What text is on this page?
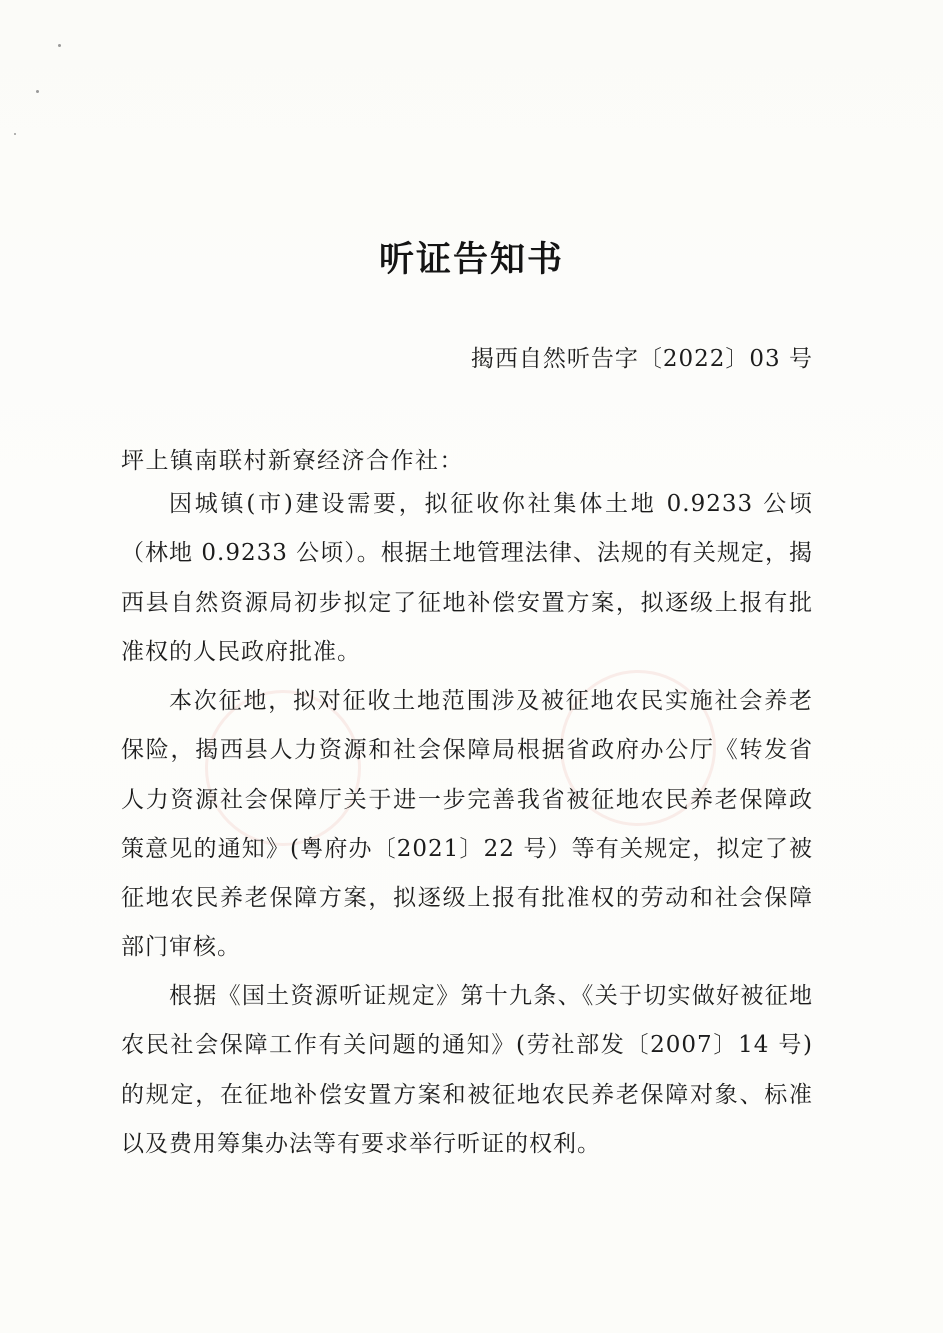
听证告知书
揭西自然听告字〔2022〕03 号
坪上镇南联村新寮经济合作社：

因城镇(市)建设需要，拟征收你社集体土地 0.9233 公顷（林地 0.9233 公顷）。根据土地管理法律、法规的有关规定，揭西县自然资源局初步拟定了征地补偿安置方案，拟逐级上报有批准权的人民政府批准。

本次征地，拟对征收土地范围涉及被征地农民实施社会养老保险，揭西县人力资源和社会保障局根据省政府办公厅《转发省人力资源社会保障厅关于进一步完善我省被征地农民养老保障政策意见的通知》(粤府办〔2021〕22 号）等有关规定，拟定了被征地农民养老保障方案，拟逐级上报有批准权的劳动和社会保障部门审核。

根据《国土资源听证规定》第十九条、《关于切实做好被征地农民社会保障工作有关问题的通知》(劳社部发〔2007〕14 号)的规定，在征地补偿安置方案和被征地农民养老保障对象、标准以及费用筹集办法等有要求举行听证的权利。
